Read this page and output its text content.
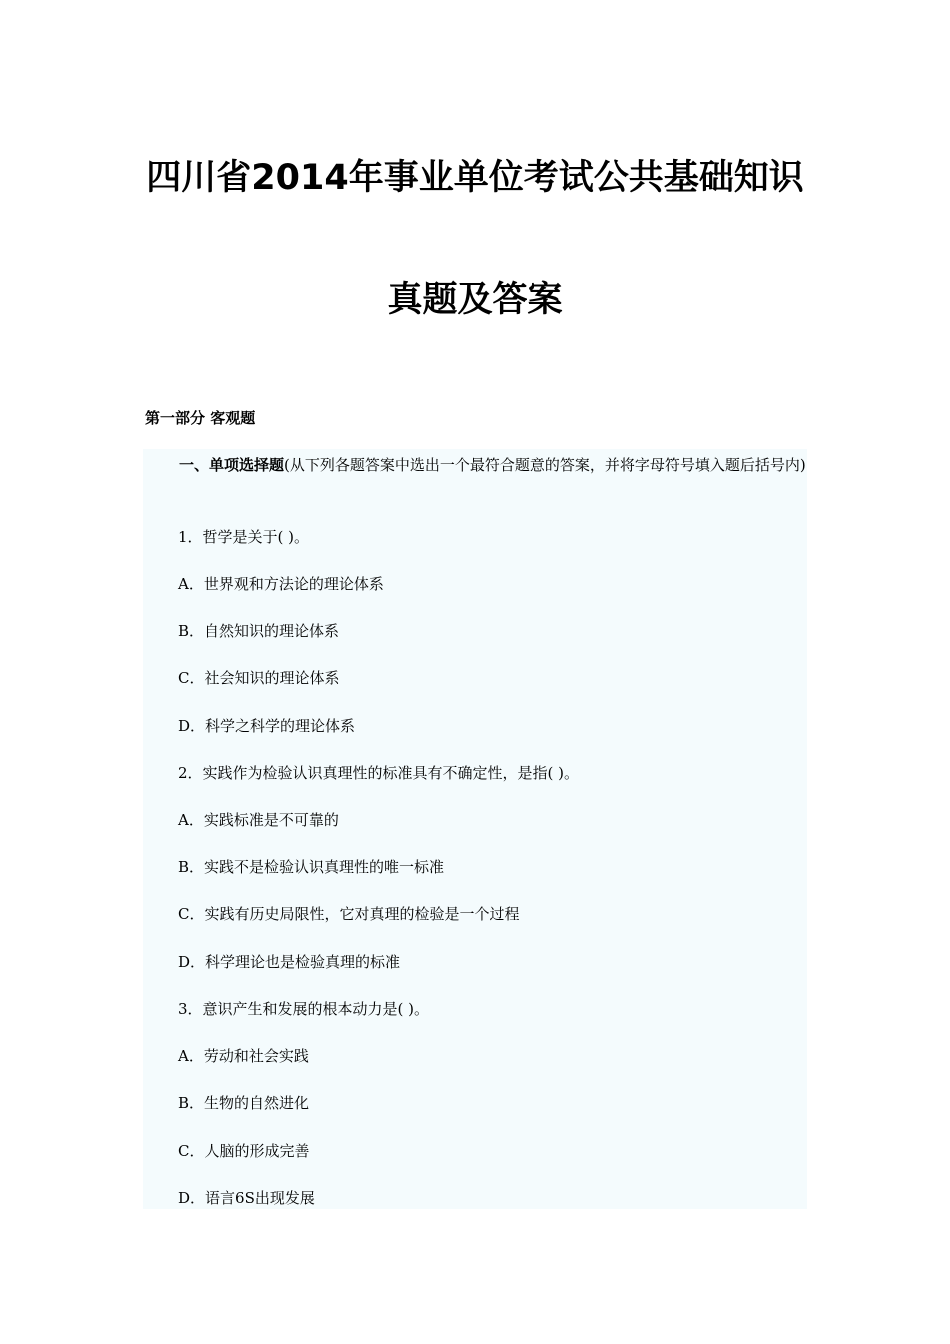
四川省2014年事业单位考试公共基础知识
真题及答案
第一部分 客观题
一、单项选择题(从下列各题答案中选出一个最符合题意的答案，并将字母符号填入题后括号内)
1．哲学是关于( )。
A．世界观和方法论的理论体系
B．自然知识的理论体系
C．社会知识的理论体系
D．科学之科学的理论体系
2．实践作为检验认识真理性的标准具有不确定性，是指( )。
A．实践标准是不可靠的
B．实践不是检验认识真理性的唯一标准
C．实践有历史局限性，它对真理的检验是一个过程
D．科学理论也是检验真理的标准
3．意识产生和发展的根本动力是( )。
A．劳动和社会实践
B．生物的自然进化
C．人脑的形成完善
D．语言6S出现发展
